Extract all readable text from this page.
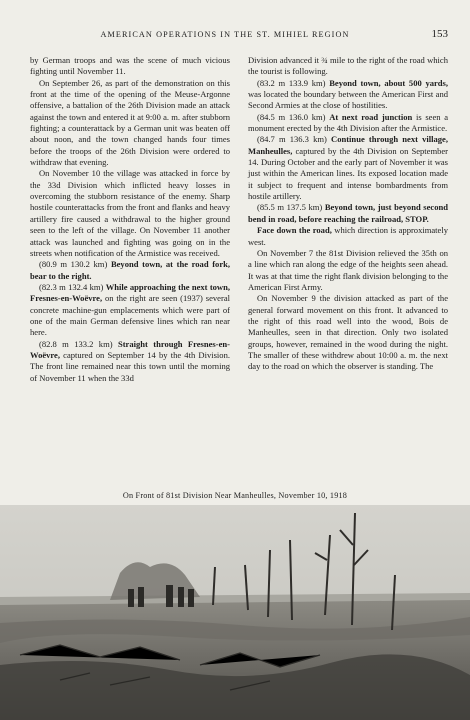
AMERICAN OPERATIONS IN THE ST. MIHIEL REGION	153

by German troops and was the scene of much vicious fighting until November 11.

On September 26, as part of the demonstration on this front at the time of the opening of the Meuse-Argonne offensive, a battalion of the 26th Division made an attack against the town and entered it at 9:00 a. m. after stubborn fighting; a counterattack by a German unit was beaten off about noon, and the town changed hands four times before the troops of the 26th Division were ordered to withdraw that evening.

On November 10 the village was attacked in force by the 33d Division which inflicted heavy losses in overcoming the stubborn resistance of the enemy. Sharp hostile counterattacks from the front and flanks and heavy artillery fire caused a withdrawal to the higher ground seen to the left of the village. On November 11 another attack was launched and fighting was going on in the streets when notification of the Armistice was received.

(80.9 m 130.2 km) Beyond town, at the road fork, bear to the right.

(82.3 m 132.4 km) While approaching the next town, Fresnes-en-Woëvre, on the right are seen (1937) several concrete machine-gun emplacements which were part of one of the main German defensive lines which ran near here.

(82.8 m 133.2 km) Straight through Fresnes-en-Woëvre, captured on September 14 by the 4th Division. The front line remained near this town until the morning of November 11 when the 33d

Division advanced it ¾ mile to the right of the road which the tourist is following.

(83.2 m 133.9 km) Beyond town, about 500 yards, was located the boundary between the American First and Second Armies at the close of hostilities.

(84.5 m 136.0 km) At next road junction is seen a monument erected by the 4th Division after the Armistice.

(84.7 m 136.3 km) Continue through next village, Manheulles, captured by the 4th Division on September 14. During October and the early part of November it was just within the American lines. Its exposed location made it subject to frequent and intense bombardments from hostile artillery.

(85.5 m 137.5 km) Beyond town, just beyond second bend in road, before reaching the railroad, STOP.

Face down the road, which direction is approximately west.

On November 7 the 81st Division relieved the 35th on a line which ran along the edge of the heights seen ahead. It was at that time the right flank division belonging to the American First Army.

On November 9 the division attacked as part of the general forward movement on this front. It advanced to the right of this road well into the wood, Bois de Manheulles, seen in that direction. Only two isolated groups, however, remained in the wood during the night. The smaller of these withdrew about 10:00 a. m. the next day to the road on which the observer is standing. The

On Front of 81st Division Near Manheulles, November 10, 1918
